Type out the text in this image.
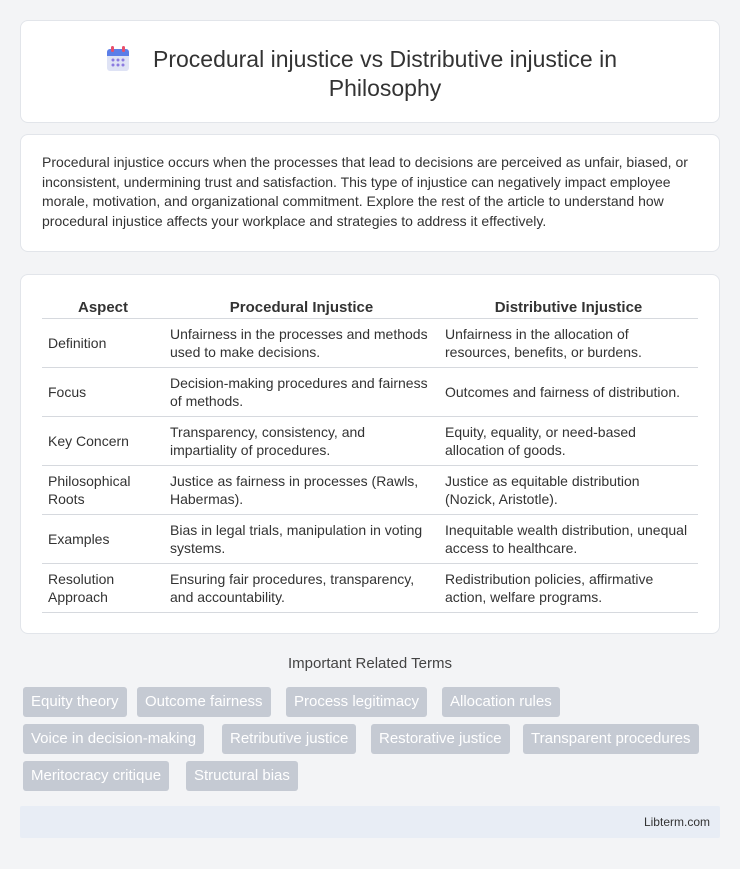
Procedural injustice vs Distributive injustice in Philosophy

Procedural injustice occurs when the processes that lead to decisions are perceived as unfair, biased, or inconsistent, undermining trust and satisfaction. This type of injustice can negatively impact employee morale, motivation, and organizational commitment. Explore the rest of the article to understand how procedural injustice affects your workplace and strategies to address it effectively.

Aspect	Procedural Injustice	Distributive Injustice
Definition	Unfairness in the processes and methods used to make decisions.	Unfairness in the allocation of resources, benefits, or burdens.
Focus	Decision-making procedures and fairness of methods.	Outcomes and fairness of distribution.
Key Concern	Transparency, consistency, and impartiality of procedures.	Equity, equality, or need-based allocation of goods.
Philosophical Roots	Justice as fairness in processes (Rawls, Habermas).	Justice as equitable distribution (Nozick, Aristotle).
Examples	Bias in legal trials, manipulation in voting systems.	Inequitable wealth distribution, unequal access to healthcare.
Resolution Approach	Ensuring fair procedures, transparency, and accountability.	Redistribution policies, affirmative action, welfare programs.
Important Related Terms
Equity theory	Outcome fairness	Process legitimacy	Allocation rules
Voice in decision-making	Retributive justice	Restorative justice	Transparent procedures
Meritocracy critique	Structural bias
Libterm.com
